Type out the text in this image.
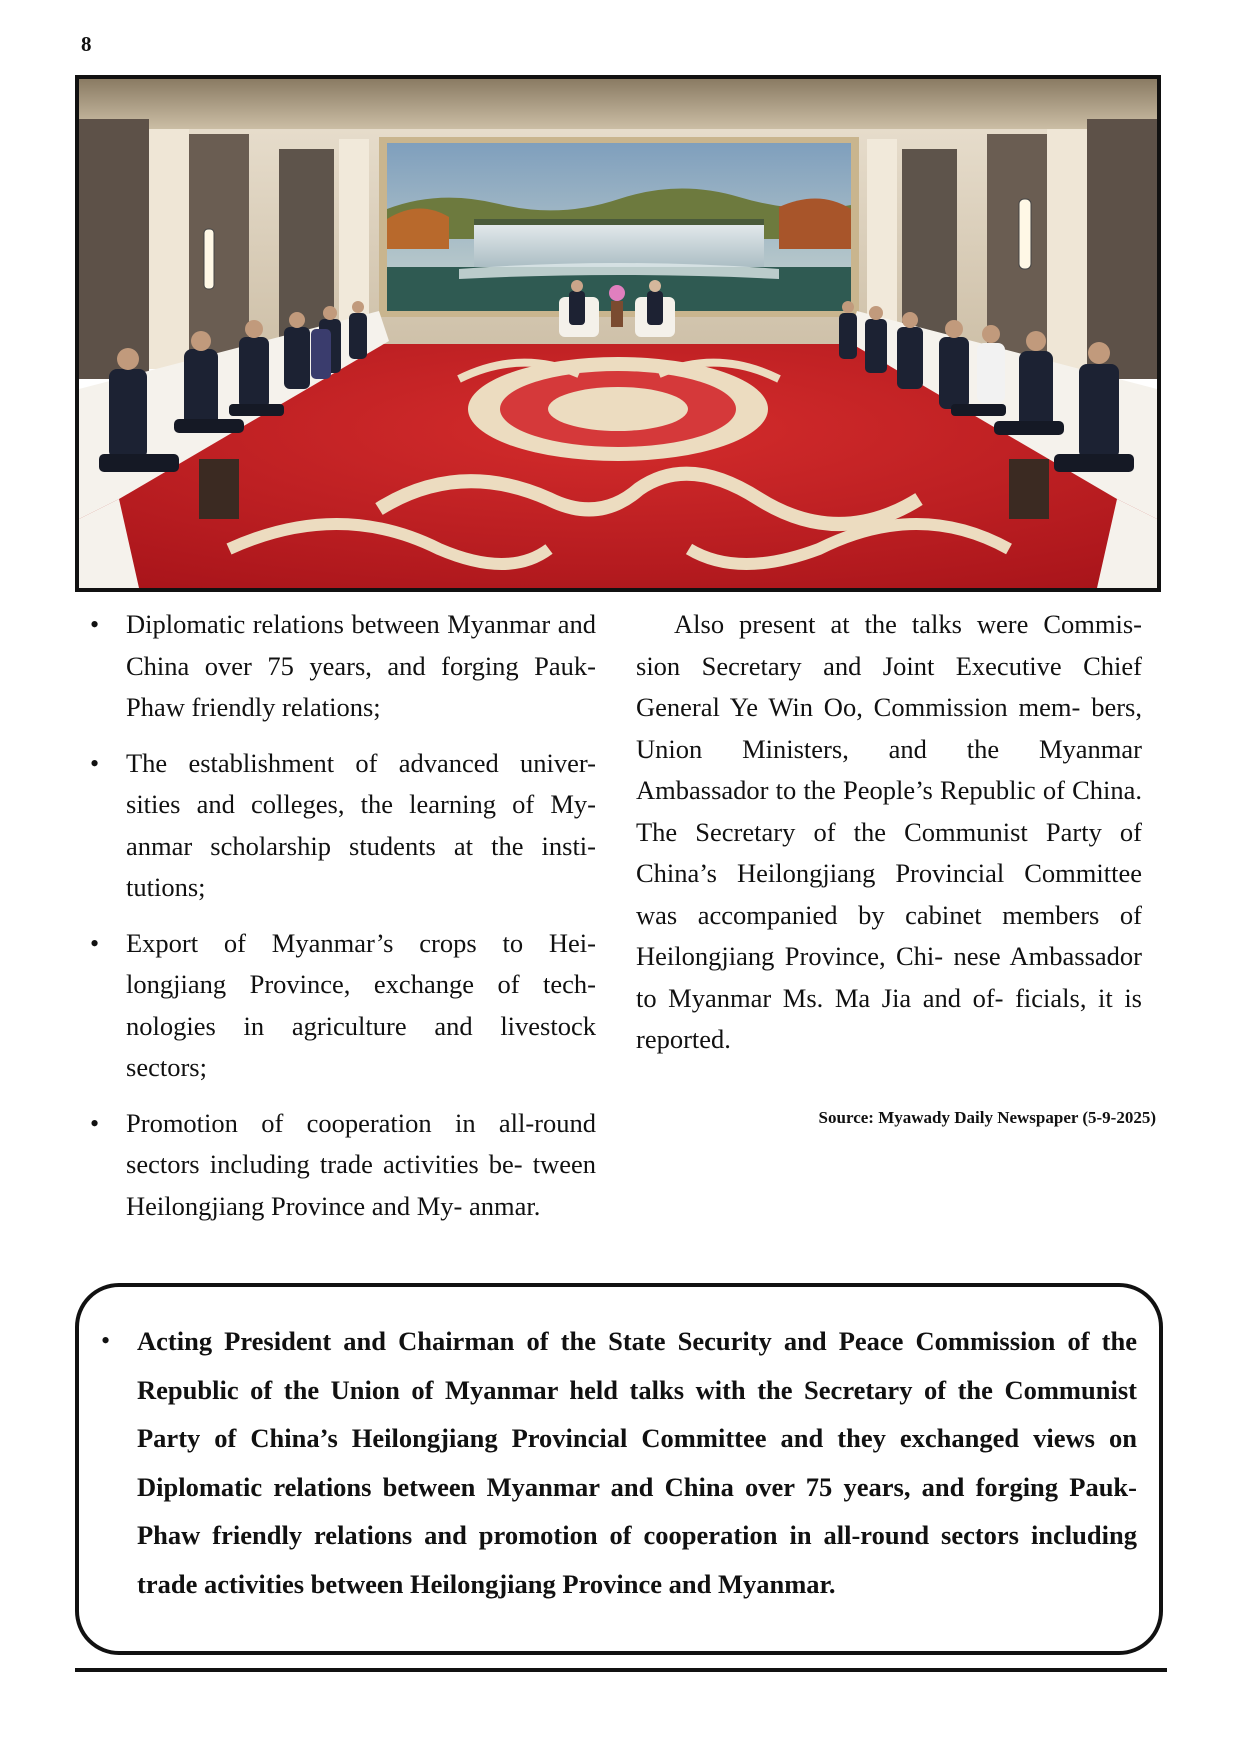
8
• Diplomatic relations between Myanmar and China over 75 years, and forging Pauk-Phaw friendly relations;

• The establishment of advanced univer- sities and colleges, the learning of My- anmar scholarship students at the insti- tutions;

• Export of Myanmar’s crops to Hei- longjiang Province, exchange of tech- nologies in agriculture and livestock sectors;

• Promotion of cooperation in all-round sectors including trade activities be- tween Heilongjiang Province and My- anmar.

Also present at the talks were Commis- sion Secretary and Joint Executive Chief General Ye Win Oo, Commission mem- bers, Union Ministers, and the Myanmar Ambassador to the People’s Republic of China. The Secretary of the Communist Party of China’s Heilongjiang Provincial Committee was accompanied by cabinet members of Heilongjiang Province, Chi- nese Ambassador to Myanmar Ms. Ma Jia and of- ficials, it is reported.

Source: Myawady Daily Newspaper (5-9-2025)
• Acting President and Chairman of the State Security and Peace Commission of the Republic of the Union of Myanmar held talks with the Secretary of the Communist Party of China’s Heilongjiang Provincial Committee and they exchanged views on Diplomatic relations between Myanmar and China over 75 years, and forging Pauk-Phaw friendly relations and promotion of cooperation in all-round sectors including trade activities between Heilongjiang Province and Myanmar.
